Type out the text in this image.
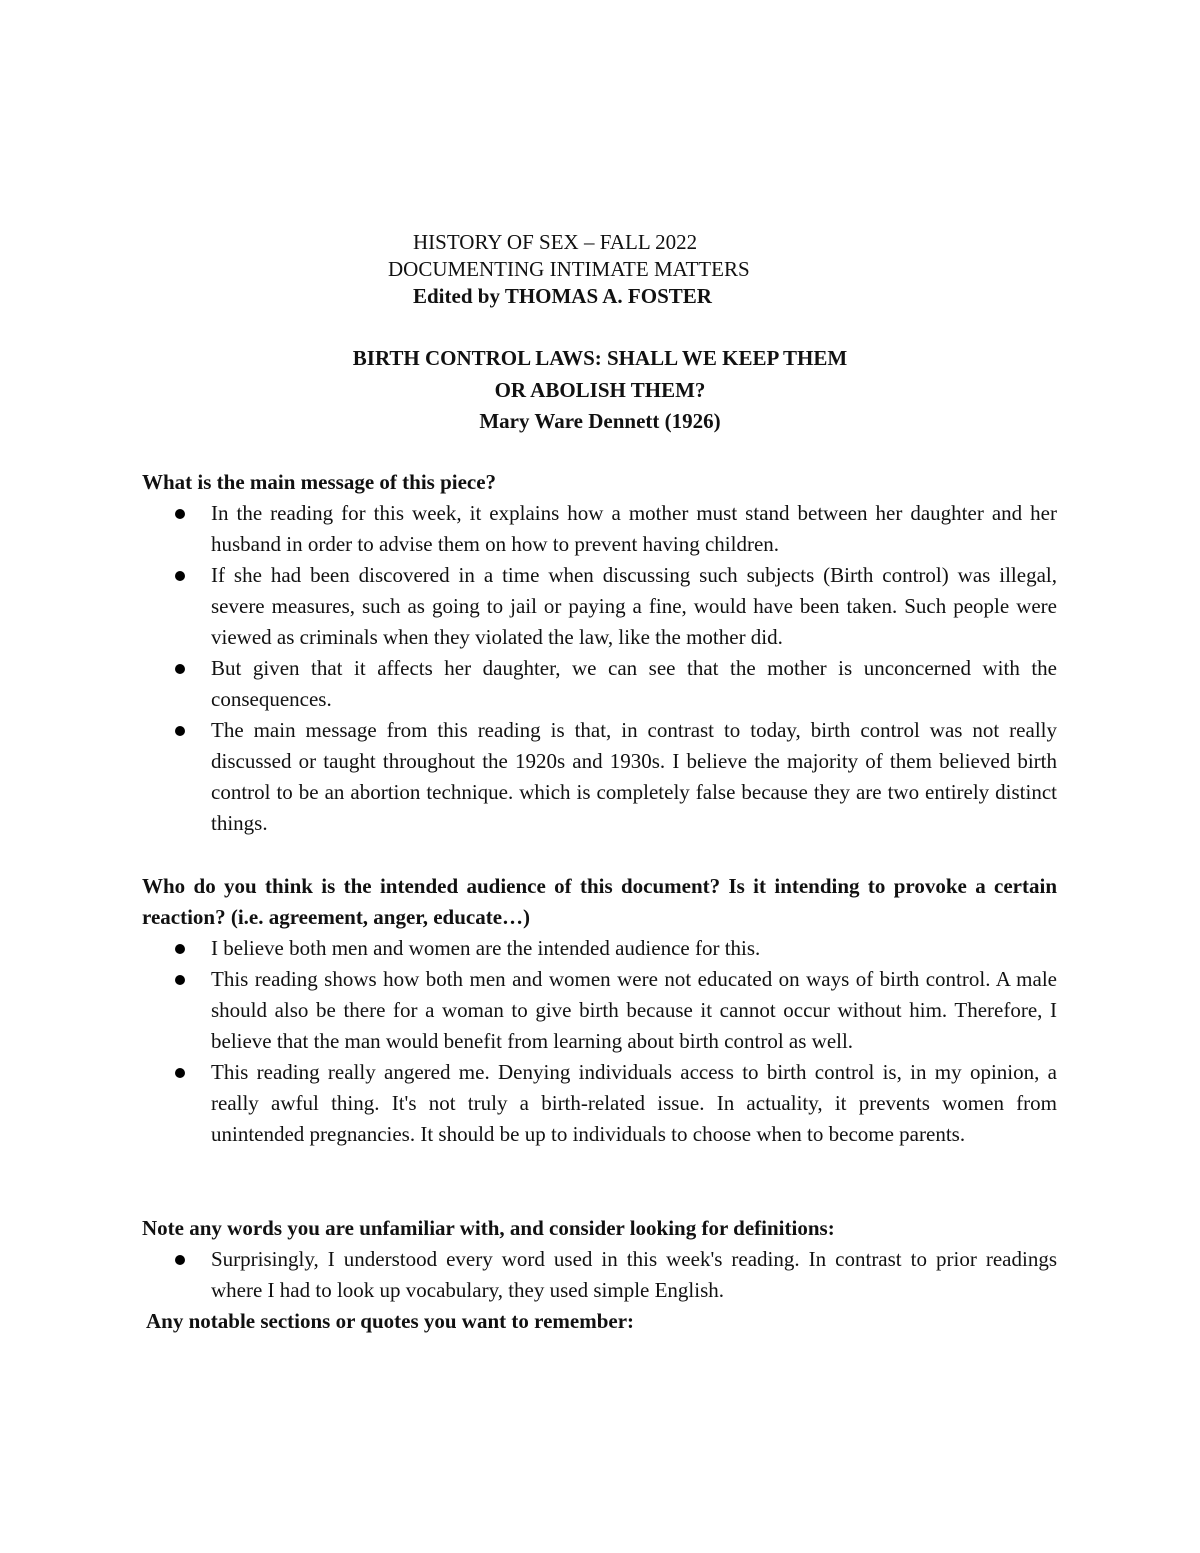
HISTORY OF SEX – FALL 2022
DOCUMENTING INTIMATE MATTERS
Edited by THOMAS A. FOSTER
BIRTH CONTROL LAWS: SHALL WE KEEP THEM
OR ABOLISH THEM?
Mary Ware Dennett (1926)
What is the main message of this piece?
In the reading for this week, it explains how a mother must stand between her daughter and her husband in order to advise them on how to prevent having children.
If she had been discovered in a time when discussing such subjects (Birth control) was illegal, severe measures, such as going to jail or paying a fine, would have been taken. Such people were viewed as criminals when they violated the law, like the mother did.
But given that it affects her daughter, we can see that the mother is unconcerned with the consequences.
The main message from this reading is that, in contrast to today, birth control was not really discussed or taught throughout the 1920s and 1930s. I believe the majority of them believed birth control to be an abortion technique. which is completely false because they are two entirely distinct things.
Who do you think is the intended audience of this document? Is it intending to provoke a certain reaction? (i.e. agreement, anger, educate…)
I believe both men and women are the intended audience for this.
This reading shows how both men and women were not educated on ways of birth control. A male should also be there for a woman to give birth because it cannot occur without him. Therefore, I believe that the man would benefit from learning about birth control as well.
This reading really angered me. Denying individuals access to birth control is, in my opinion, a really awful thing. It's not truly a birth-related issue. In actuality, it prevents women from unintended pregnancies. It should be up to individuals to choose when to become parents.
Note any words you are unfamiliar with, and consider looking for definitions:
Surprisingly, I understood every word used in this week's reading. In contrast to prior readings where I had to look up vocabulary, they used simple English.
Any notable sections or quotes you want to remember:
